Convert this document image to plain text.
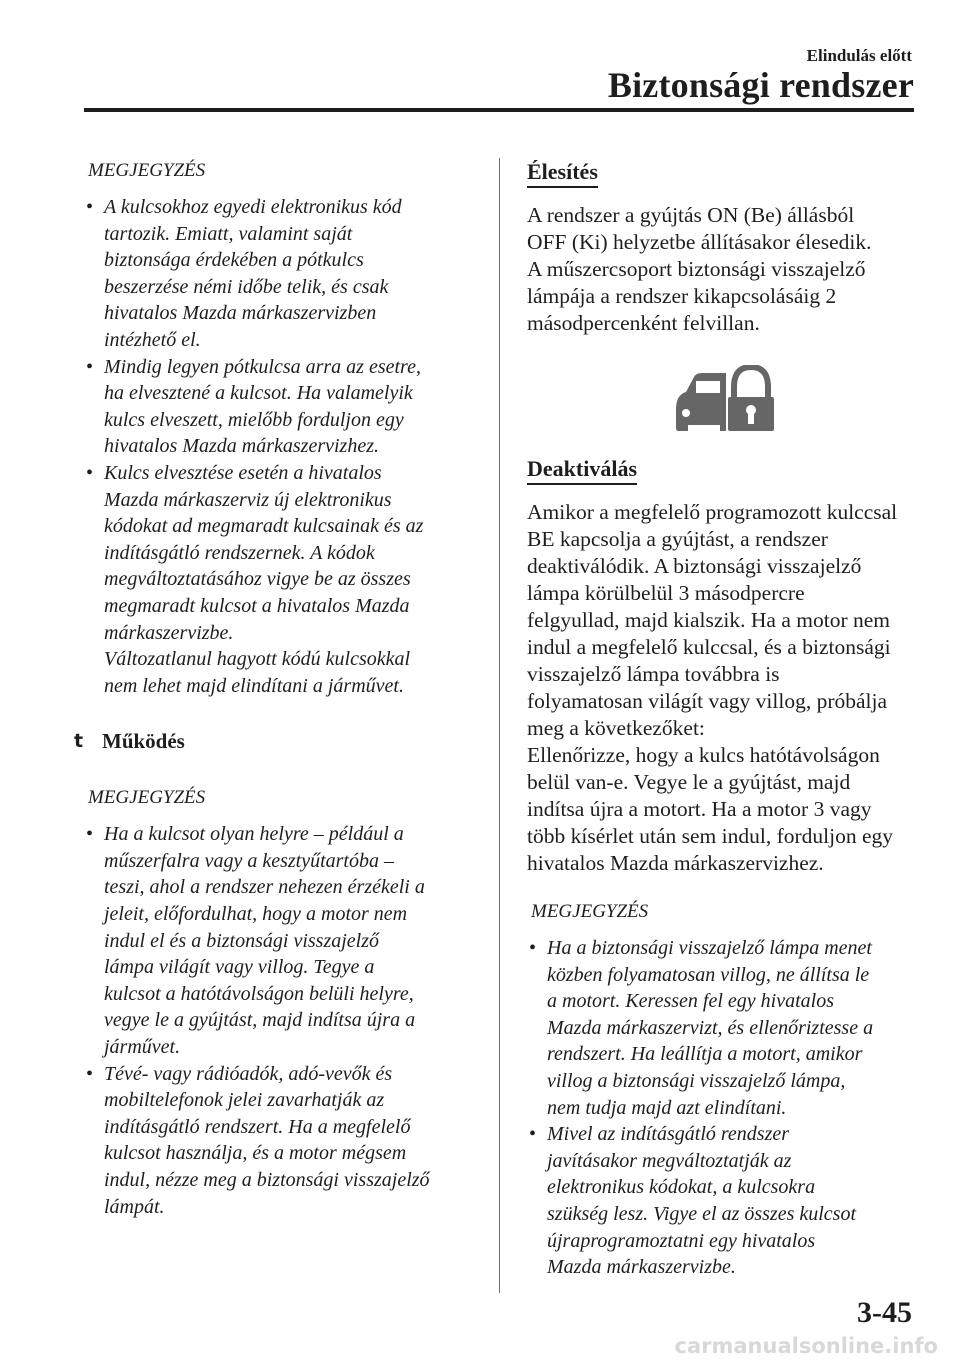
Elindulás előtt
Biztonsági rendszer
MEGJEGYZÉS
• A kulcsokhoz egyedi elektronikus kód

tartozik. Emiatt, valamint saját

biztonsága érdekében a pótkulcs

beszerzése némi időbe telik, és csak

hivatalos Mazda márkaszervizben

intézhető el.

• Mindig legyen pótkulcsa arra az esetre,

ha elvesztené a kulcsot. Ha valamelyik

kulcs elveszett, mielőbb forduljon egy

hivatalos Mazda márkaszervizhez.

• Kulcs elvesztése esetén a hivatalos

Mazda márkaszerviz új elektronikus

kódokat ad megmaradt kulcsainak és az

indításgátló rendszernek. A kódok

megváltoztatásához vigye be az összes

megmaradt kulcsot a hivatalos Mazda

márkaszervizbe.

Változatlanul hagyott kódú kulcsokkal

nem lehet majd elindítani a járművet.

t Működés
MEGJEGYZÉS
• Ha a kulcsot olyan helyre – például a

műszerfalra vagy a kesztyűtartóba –

teszi, ahol a rendszer nehezen érzékeli a

jeleit, előfordulhat, hogy a motor nem

indul el és a biztonsági visszajelző

lámpa világít vagy villog. Tegye a

kulcsot a hatótávolságon belüli helyre,

vegye le a gyújtást, majd indítsa újra a

járművet.

• Tévé- vagy rádióadók, adó-vevők és

mobiltelefonok jelei zavarhatják az

indításgátló rendszert. Ha a megfelelő

kulcsot használja, és a motor mégsem

indul, nézze meg a biztonsági visszajelző

lámpát.

Élesítés

A rendszer a gyújtás ON (Be) állásból

OFF (Ki) helyzetbe állításakor élesedik.

A műszercsoport biztonsági visszajelző

lámpája a rendszer kikapcsolásáig 2

másodpercenként felvillan.

Deaktiválás

Amikor a megfelelő programozott kulccsal

BE kapcsolja a gyújtást, a rendszer

deaktiválódik. A biztonsági visszajelző

lámpa körülbelül 3 másodpercre

felgyullad, majd kialszik. Ha a motor nem

indul a megfelelő kulccsal, és a biztonsági

visszajelző lámpa továbbra is

folyamatosan világít vagy villog, próbálja

meg a következőket:

Ellenőrizze, hogy a kulcs hatótávolságon

belül van-e. Vegye le a gyújtást, majd

indítsa újra a motort. Ha a motor 3 vagy

több kísérlet után sem indul, forduljon egy

hivatalos Mazda márkaszervizhez.

MEGJEGYZÉS
• Ha a biztonsági visszajelző lámpa menet

közben folyamatosan villog, ne állítsa le

a motort. Keressen fel egy hivatalos

Mazda márkaszervizt, és ellenőriztesse a

rendszert. Ha leállítja a motort, amikor

villog a biztonsági visszajelző lámpa,

nem tudja majd azt elindítani.

• Mivel az indításgátló rendszer

javításakor megváltoztatják az

elektronikus kódokat, a kulcsokra

szükség lesz. Vigye el az összes kulcsot

újraprogramoztatni egy hivatalos

Mazda márkaszervizbe.

3-45
carmanualsonline.info
